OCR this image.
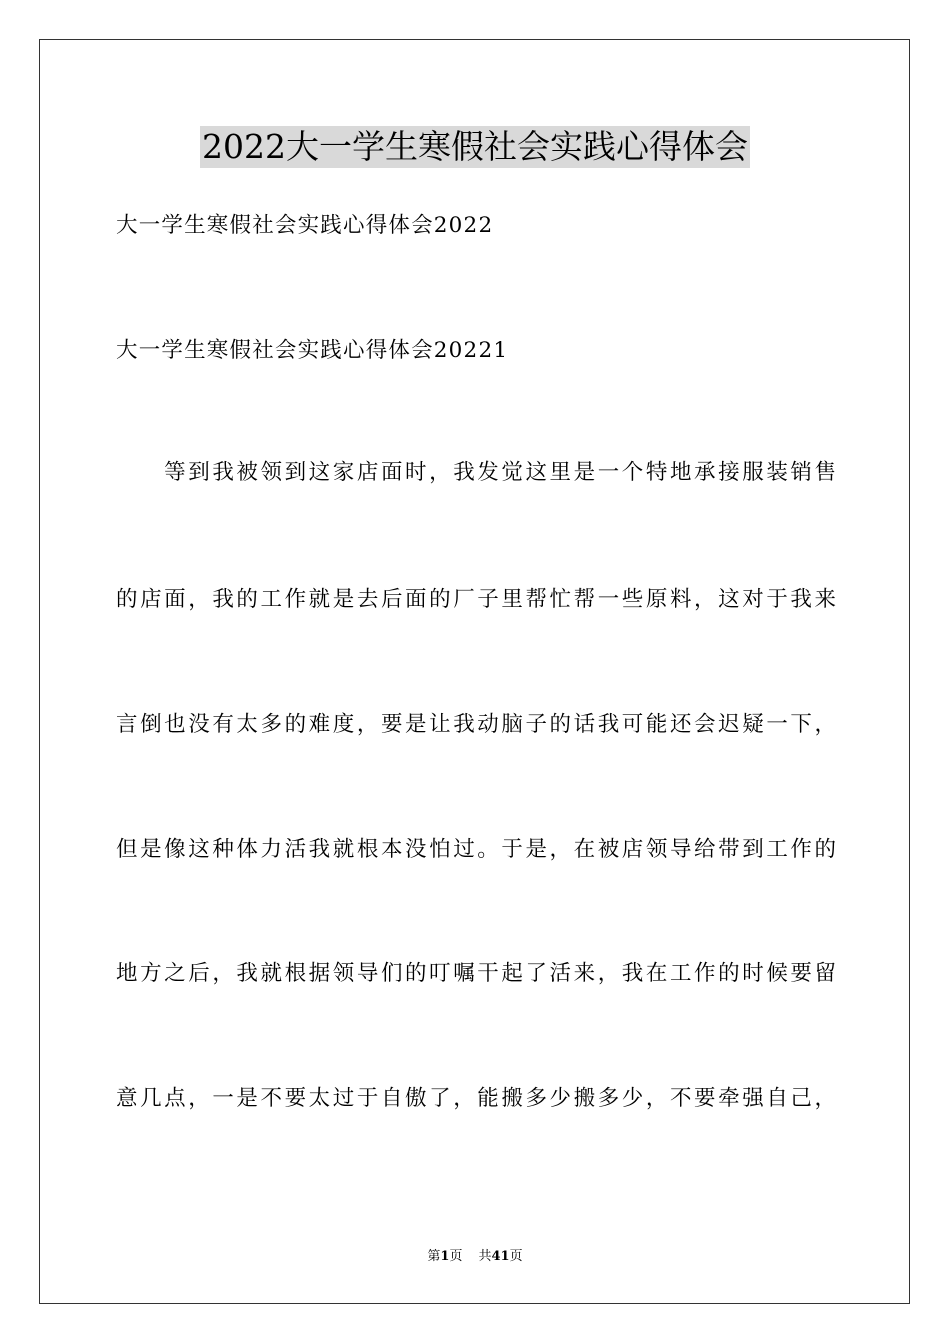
2022大一学生寒假社会实践心得体会
大一学生寒假社会实践心得体会2022
大一学生寒假社会实践心得体会20221
　　等到我被领到这家店面时，我发觉这里是一个特地承接服装销售
的店面，我的工作就是去后面的厂子里帮忙帮一些原料，这对于我来
言倒也没有太多的难度，要是让我动脑子的话我可能还会迟疑一下，
但是像这种体力活我就根本没怕过。于是，在被店领导给带到工作的
地方之后，我就根据领导们的叮嘱干起了活来，我在工作的时候要留
意几点，一是不要太过于自傲了，能搬多少搬多少，不要牵强自己，
第1页 共41页
